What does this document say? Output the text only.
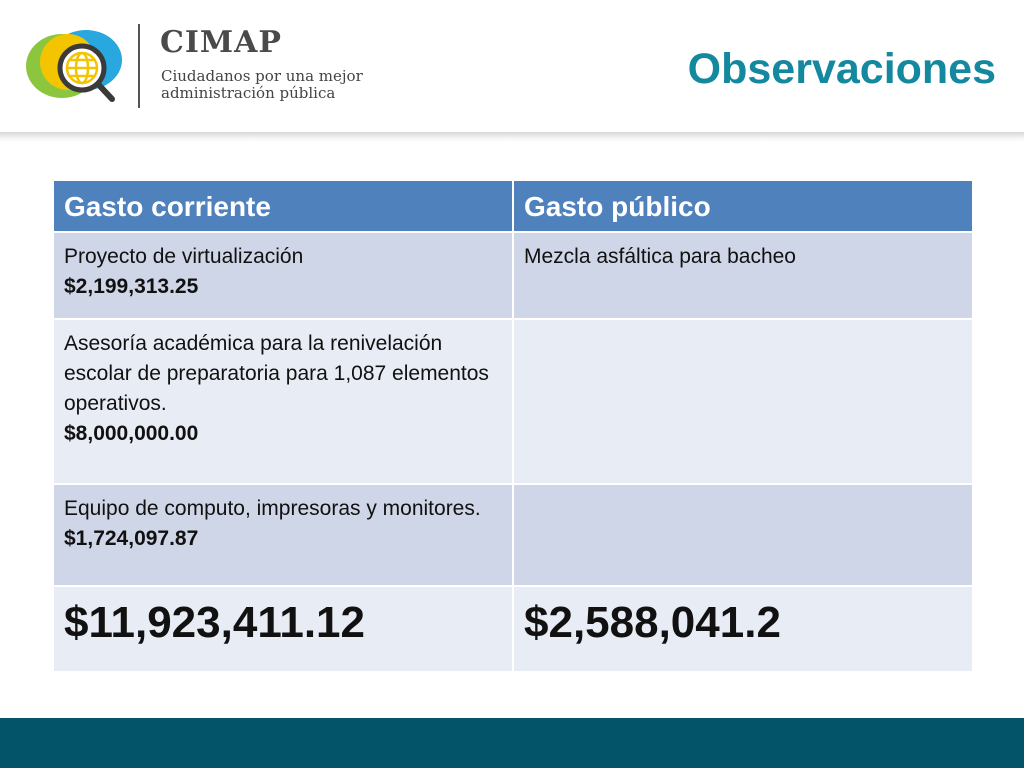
CIMAP
Ciudadanos por una mejor administración pública	Observaciones
Gasto corriente	Gasto público

Proyecto de virtualización
$2,199,313.25	Mezcla asfáltica para bacheo

Asesoría académica para la renivelación escolar de preparatoria para 1,087 elementos operativos.
$8,000,000.00	

Equipo de computo, impresoras y monitores.
$1,724,097.87	

$11,923,411.12	$2,588,041.2
